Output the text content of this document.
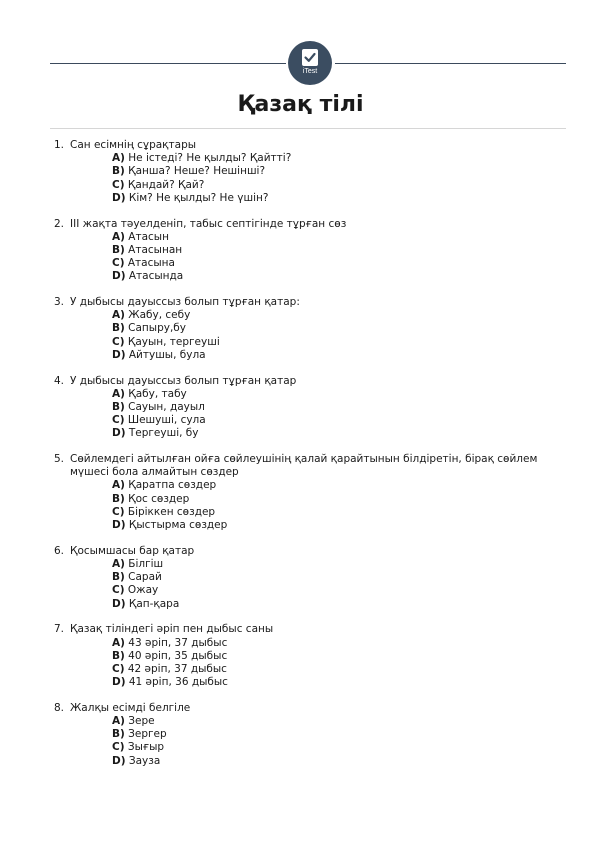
iTest
Қазақ тілі
1. Сан есімнің сұрақтары
A) Не істеді? Не қылды? Қайтті?
B) Қанша? Неше? Нешінші?
C) Қандай? Қай?
D) Кім? Не қылды? Не үшін?
2. ІІІ жақта тәуелденіп, табыс септігінде тұрған сөз
A) Атасын
B) Атасынан
C) Атасына
D) Атасында
3. У дыбысы дауыссыз болып тұрған қатар:
A) Жабу, себу
B) Сапыру,бу
C) Қауын, тергеуші
D) Айтушы, була
4. У дыбысы дауыссыз болып тұрған қатар
A) Қабу, табу
B) Сауын, дауыл
C) Шешуші, сула
D) Тергеуші, бу
5. Сөйлемдегі айтылған ойға сөйлеушінің қалай қарайтынын білдіретін, бірақ сөйлем мүшесі бола алмайтын сөздер
A) Қаратпа сөздер
B) Қос сөздер
C) Біріккен сөздер
D) Қыстырма сөздер
6. Қосымшасы бар қатар
A) Білгіш
B) Сарай
C) Ожау
D) Қап-қара
7. Қазақ тіліндегі әріп пен дыбыс саны
A) 43 әріп, 37 дыбыс
B) 40 әріп, 35 дыбыс
C) 42 әріп, 37 дыбыс
D) 41 әріп, 36 дыбыс
8. Жалқы есімді белгіле
A) Зере
B) Зергер
C) Зығыр
D) Зауза
